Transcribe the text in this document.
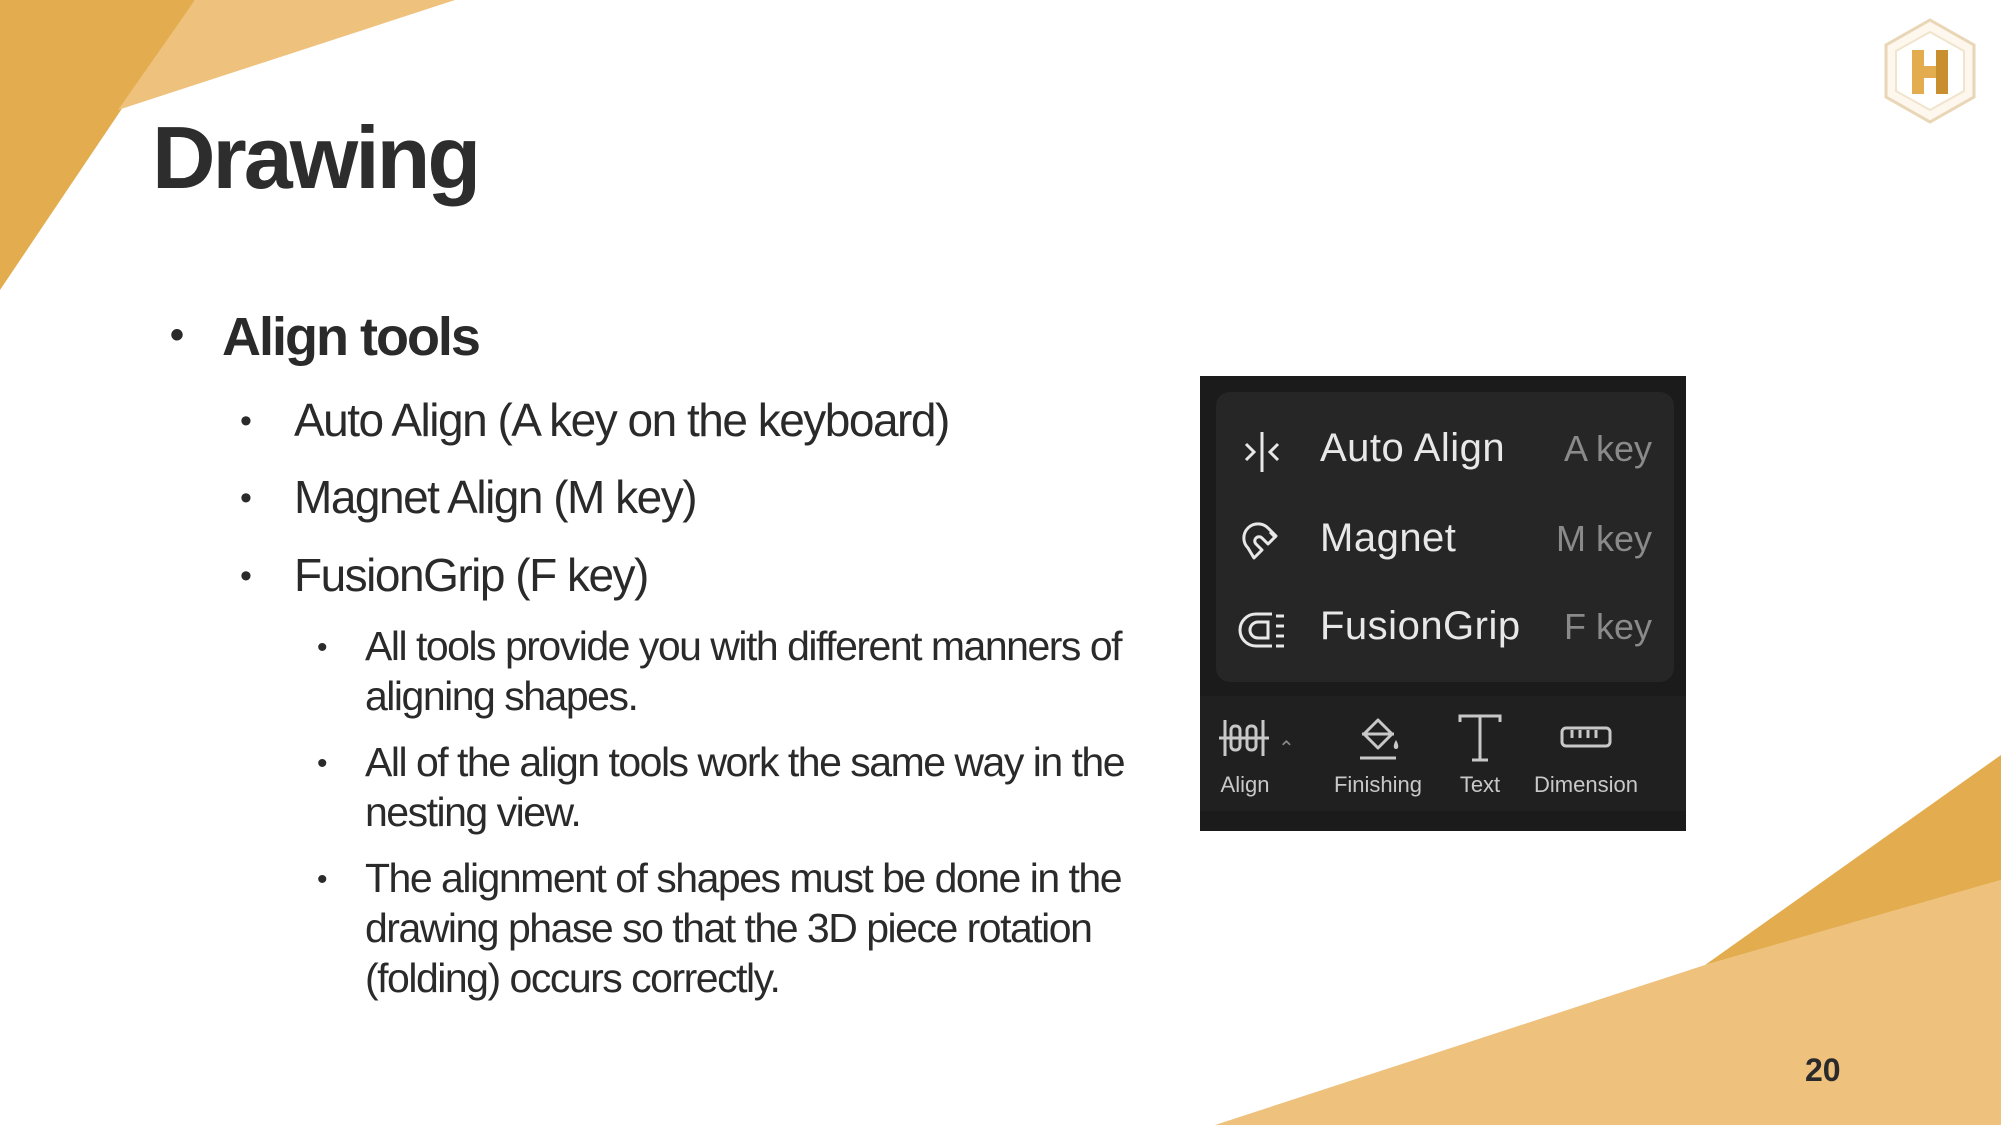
Drawing
• Align tools
• Auto Align (A key on the keyboard)
• Magnet Align (M key)
• FusionGrip (F key)
• All tools provide you with different manners of aligning shapes.
• All of the align tools work the same way in the nesting view.
• The alignment of shapes must be done in the drawing phase so that the 3D piece rotation (folding) occurs correctly.
Auto Align A key
Magnet	M key
FusionGrip F key
Align
⌃
Finishing	Text	Dimension
20
